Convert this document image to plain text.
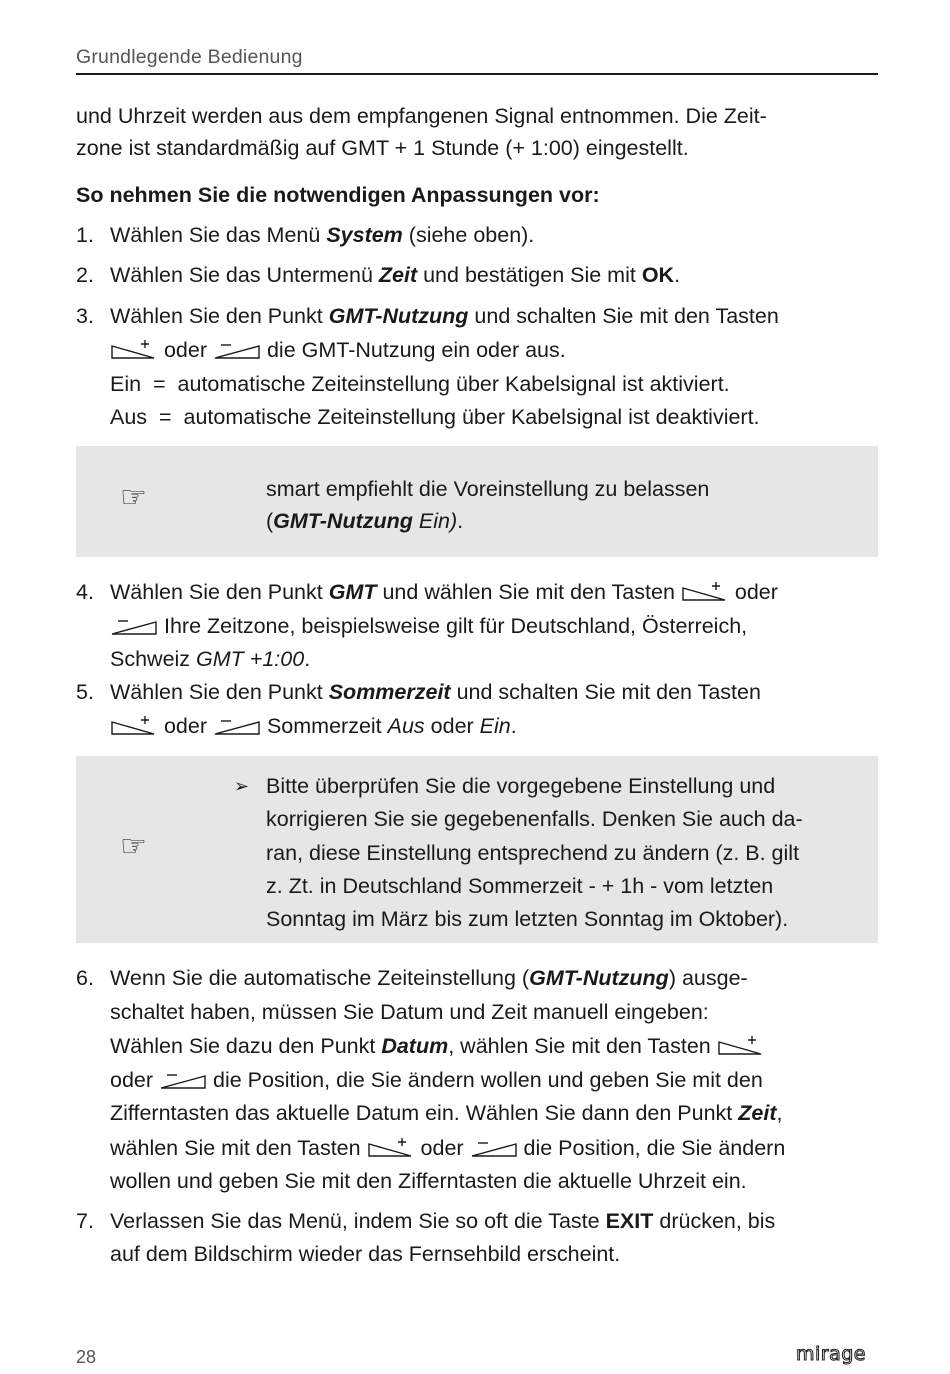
Grundlegende Bedienung
und Uhrzeit werden aus dem empfangenen Signal entnommen. Die Zeit-
zone ist standardmäßig auf GMT + 1 Stunde (+ 1:00) eingestellt.
So nehmen Sie die notwendigen Anpassungen vor:
1. Wählen Sie das Menü System (siehe oben).
2. Wählen Sie das Untermenü Zeit und bestätigen Sie mit OK.
3. Wählen Sie den Punkt GMT-Nutzung und schalten Sie mit den Tasten
oder
die GMT-Nutzung ein oder aus.
Ein  =  automatische Zeiteinstellung über Kabelsignal ist aktiviert.
Aus  =  automatische Zeiteinstellung über Kabelsignal ist deaktiviert.
☞	smart empfiehlt die Voreinstellung zu belassen
(GMT-Nutzung Ein).
4. Wählen Sie den Punkt GMT und wählen Sie mit den Tasten
oder
Ihre Zeitzone, beispielsweise gilt für Deutschland, Österreich,
Schweiz GMT +1:00.
5. Wählen Sie den Punkt Sommerzeit und schalten Sie mit den Tasten
oder
Sommerzeit Aus oder Ein.
☞
➢ Bitte überprüfen Sie die vorgegebene Einstellung und
korrigieren Sie sie gegebenenfalls. Denken Sie auch da-
ran, diese Einstellung entsprechend zu ändern (z. B. gilt
z. Zt. in Deutschland Sommerzeit - + 1h - vom letzten
Sonntag im März bis zum letzten Sonntag im Oktober).
6. Wenn Sie die automatische Zeiteinstellung (GMT-Nutzung) ausge-
schaltet haben, müssen Sie Datum und Zeit manuell eingeben:
Wählen Sie dazu den Punkt Datum, wählen Sie mit den Tasten
oder
die Position, die Sie ändern wollen und geben Sie mit den
Zifferntasten das aktuelle Datum ein. Wählen Sie dann den Punkt Zeit,
wählen Sie mit den Tasten
oder
die Position, die Sie ändern
wollen und geben Sie mit den Zifferntasten die aktuelle Uhrzeit ein.
7. Verlassen Sie das Menü, indem Sie so oft die Taste EXIT drücken, bis
auf dem Bildschirm wieder das Fernsehbild erscheint.
28	mirage
